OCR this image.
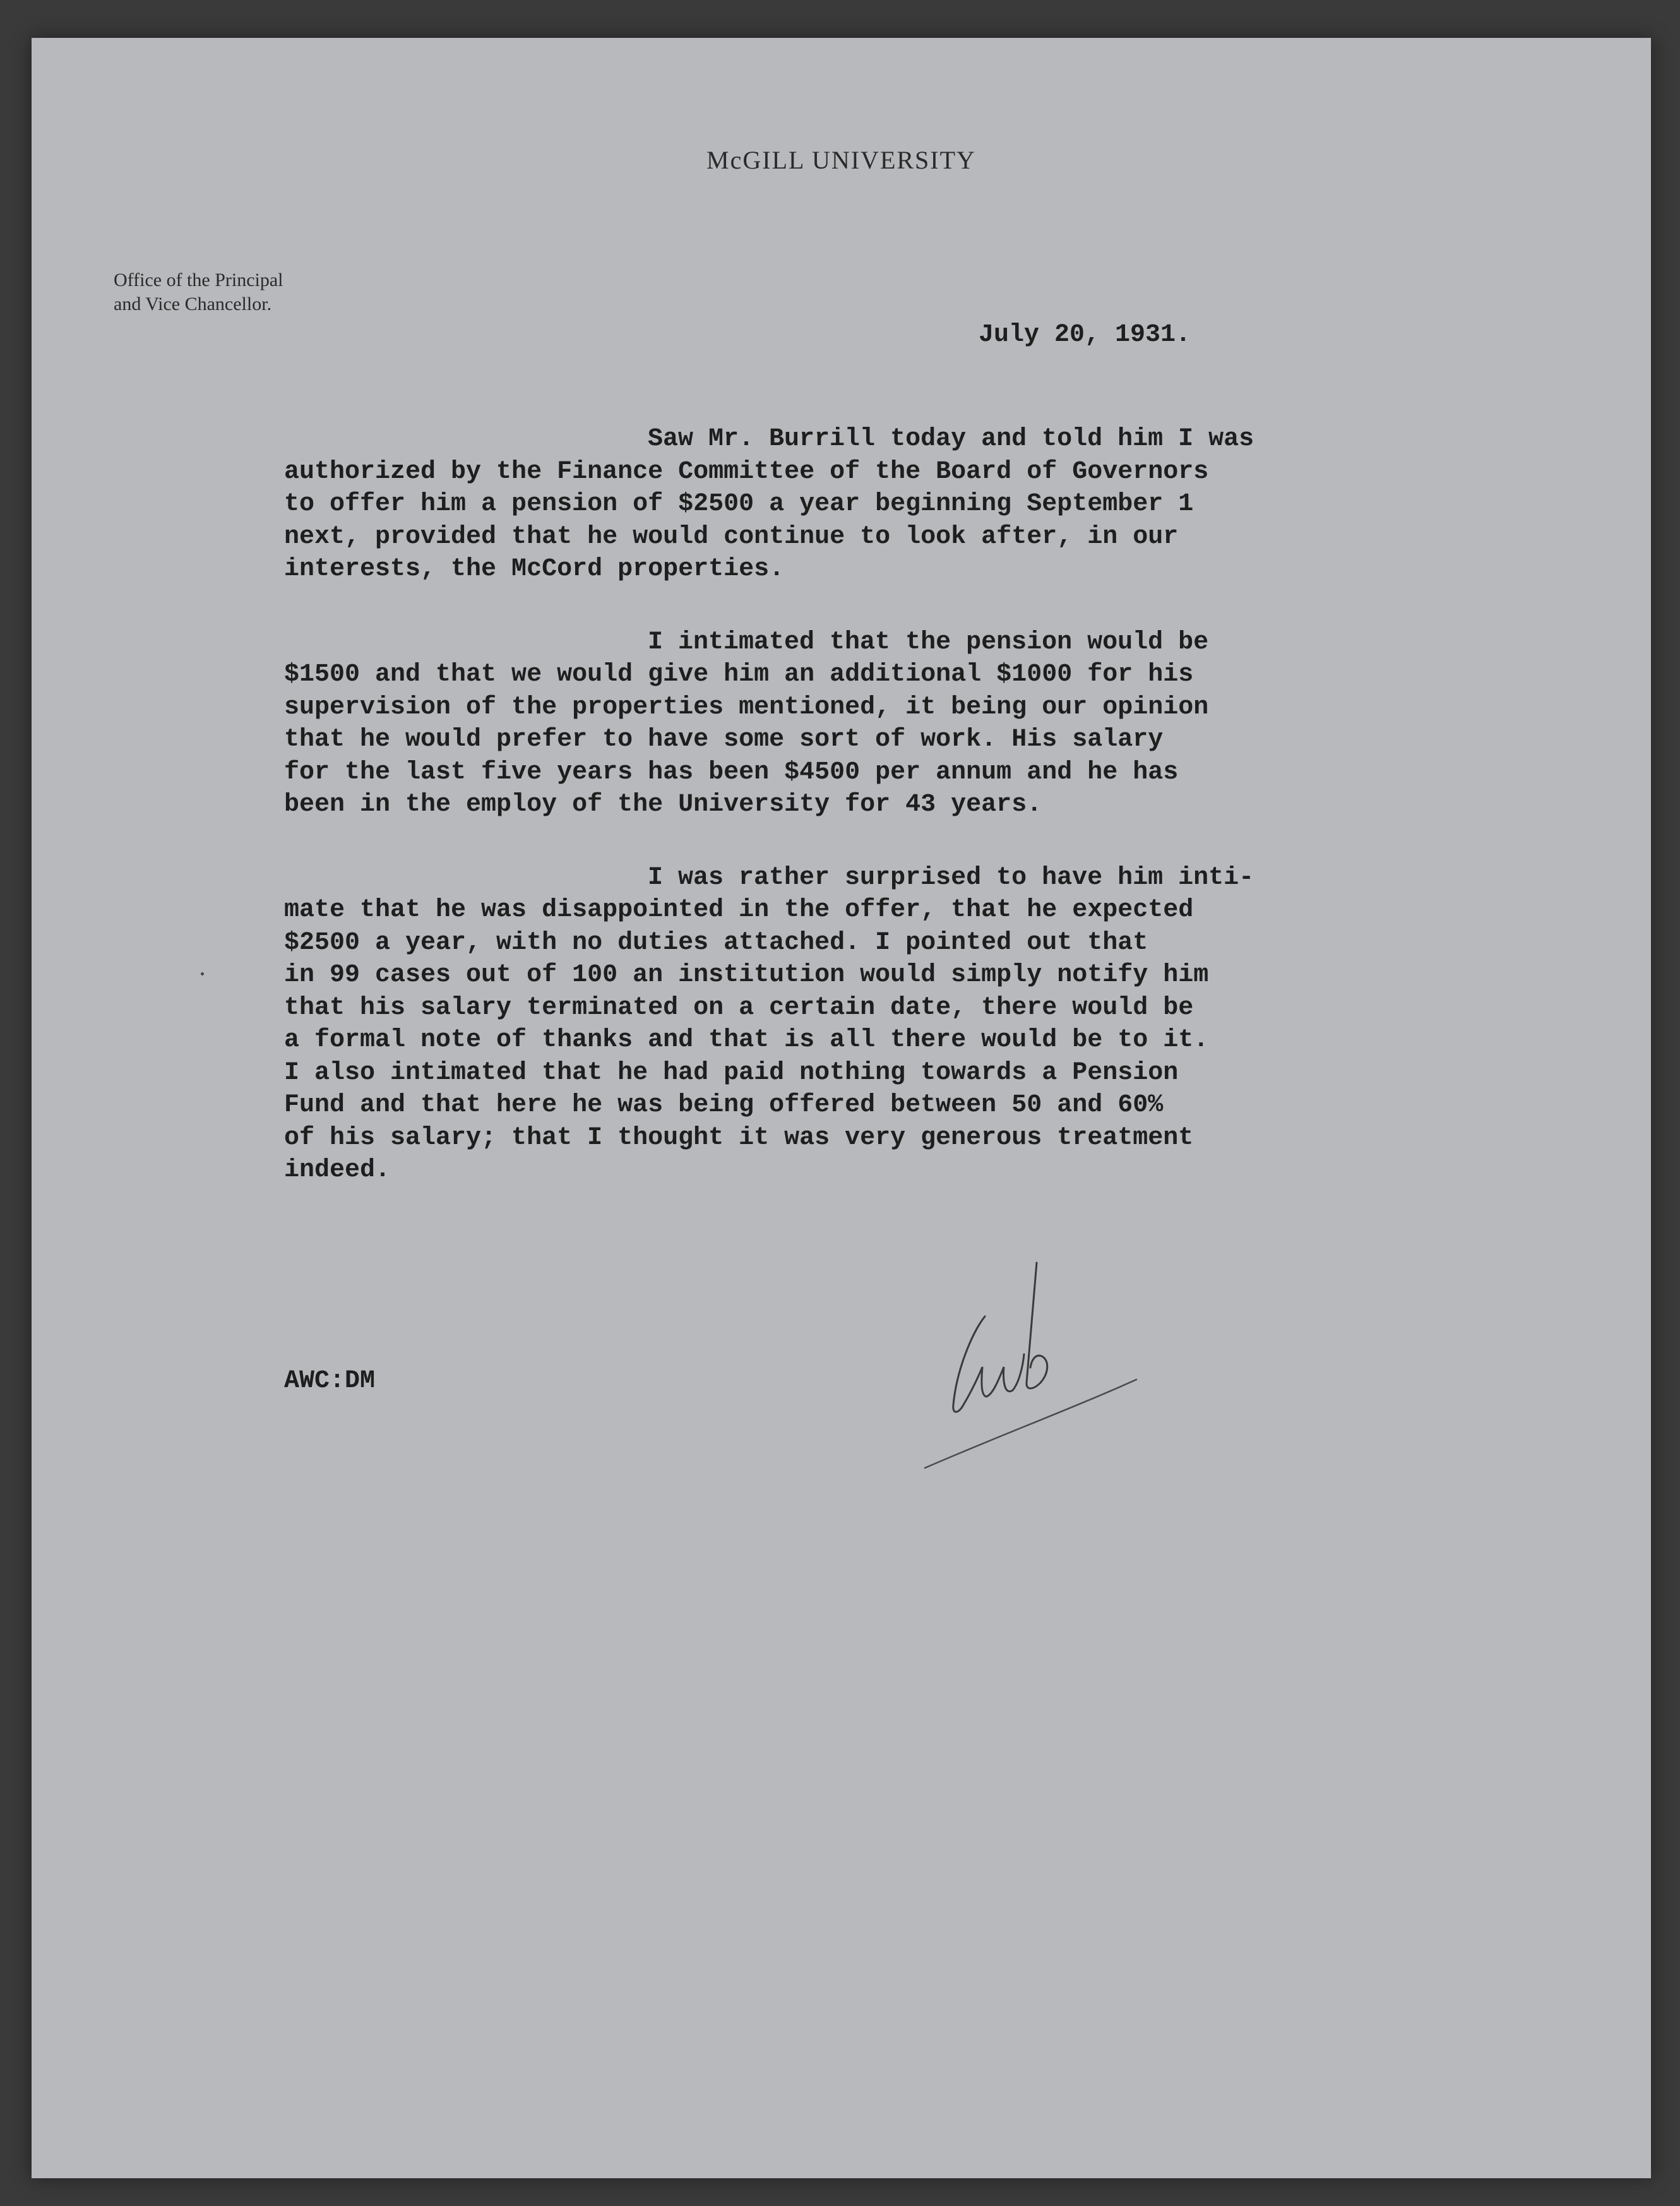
McGILL UNIVERSITY
Office of the Principal
and Vice Chancellor.
July 20, 1931.

Saw Mr. Burrill today and told him I was
authorized by the Finance Committee of the Board of Governors
to offer him a pension of $2500 a year beginning September 1
next, provided that he would continue to look after, in our
interests, the McCord properties.

I intimated that the pension would be
$1500 and that we would give him an additional $1000 for his
supervision of the properties mentioned, it being our opinion
that he would prefer to have some sort of work. His salary
for the last five years has been $4500 per annum and he has
been in the employ of the University for 43 years.

I was rather surprised to have him inti-
mate that he was disappointed in the offer, that he expected
$2500 a year, with no duties attached. I pointed out that
in 99 cases out of 100 an institution would simply notify him
that his salary terminated on a certain date, there would be
a formal note of thanks and that is all there would be to it.
I also intimated that he had paid nothing towards a Pension
Fund and that here he was being offered between 50 and 60%
of his salary; that I thought it was very generous treatment
indeed.

AWC:DM
